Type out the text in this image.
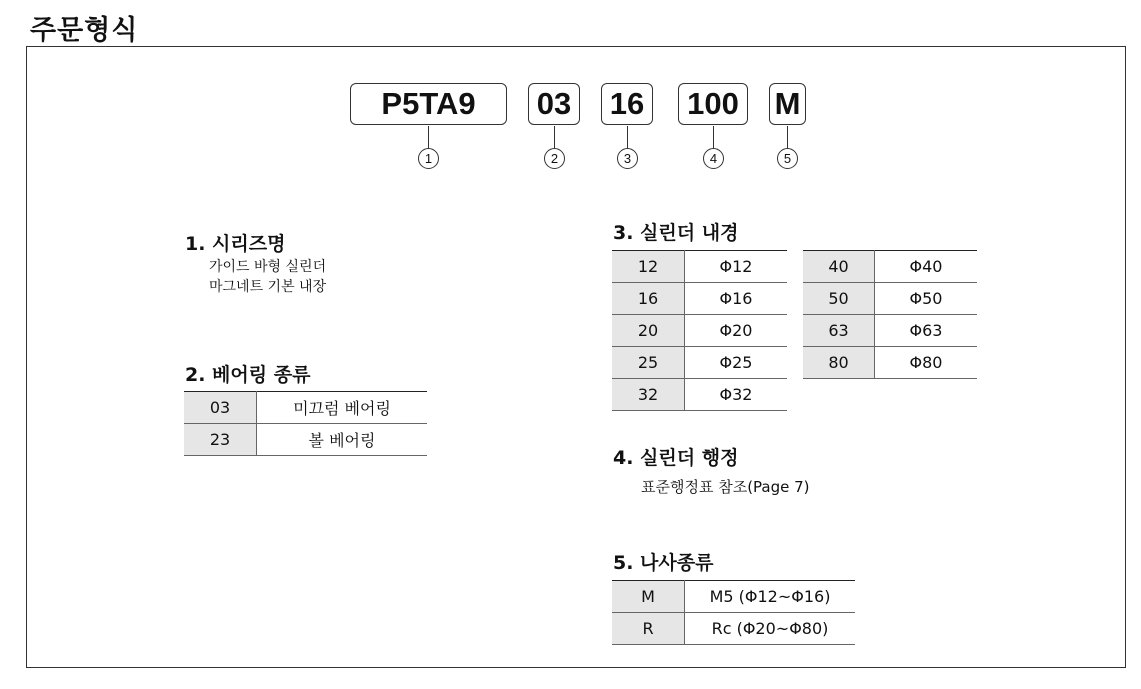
주문형식
P5TA9	03 16 100 M
1	2	3	4	5
1. 시리즈명
가이드 바형 실린더
마그네트 기본 내장
2. 베어링 종류
03	미끄럼 베어링
23	볼 베어링
3. 실린더 내경
12	Φ12
16	Φ16
20	Φ20
25	Φ25
32	Φ32
40	Φ40
50	Φ50
63	Φ63
80	Φ80
4. 실린더 행정
표준행정표 참조(Page 7)
5. 나사종류
M	M5 (Φ12~Φ16)
R	Rc (Φ20~Φ80)
